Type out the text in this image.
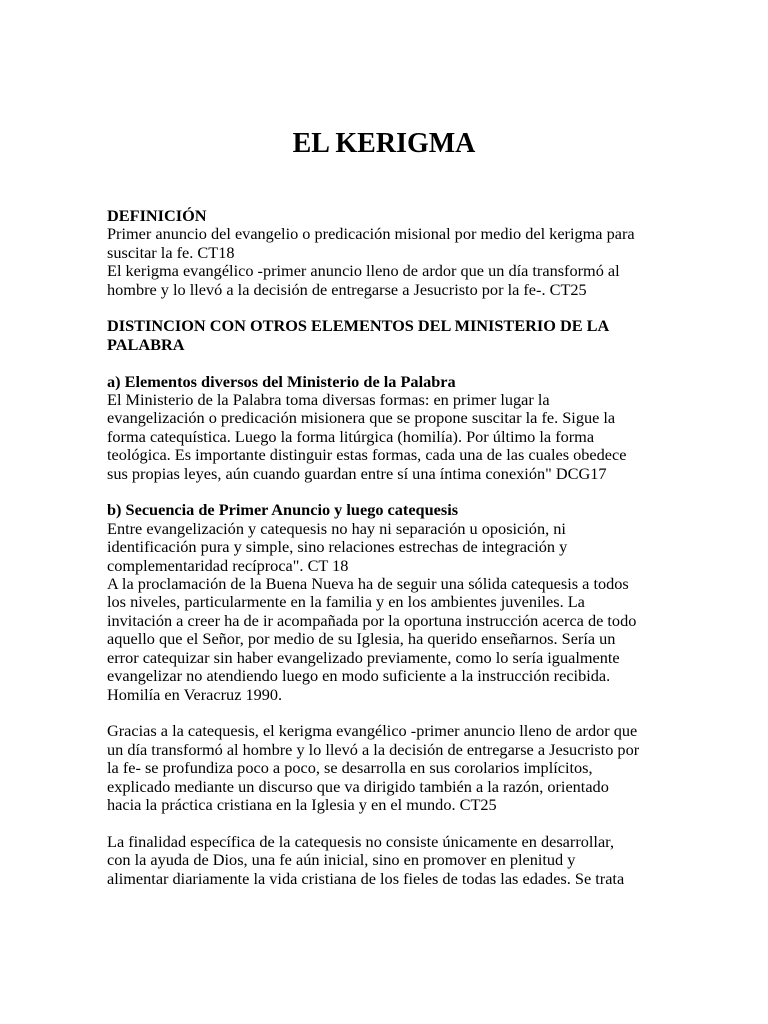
EL KERIGMA
DEFINICIÓN
Primer anuncio del evangelio o predicación misional por medio del kerigma para
suscitar la fe. CT18
El kerigma evangélico -primer anuncio lleno de ardor que un día transformó al
hombre y lo llevó a la decisión de entregarse a Jesucristo por la fe-. CT25
DISTINCION CON OTROS ELEMENTOS DEL MINISTERIO DE LA
PALABRA
a) Elementos diversos del Ministerio de la Palabra
El Ministerio de la Palabra toma diversas formas: en primer lugar la
evangelización o predicación misionera que se propone suscitar la fe. Sigue la
forma catequística. Luego la forma litúrgica (homilía). Por último la forma
teológica. Es importante distinguir estas formas, cada una de las cuales obedece
sus propias leyes, aún cuando guardan entre sí una íntima conexión" DCG17
b) Secuencia de Primer Anuncio y luego catequesis
Entre evangelización y catequesis no hay ni separación u oposición, ni
identificación pura y simple, sino relaciones estrechas de integración y
complementaridad recíproca". CT 18
A la proclamación de la Buena Nueva ha de seguir una sólida catequesis a todos
los niveles, particularmente en la familia y en los ambientes juveniles. La
invitación a creer ha de ir acompañada por la oportuna instrucción acerca de todo
aquello que el Señor, por medio de su Iglesia, ha querido enseñarnos. Sería un
error catequizar sin haber evangelizado previamente, como lo sería igualmente
evangelizar no atendiendo luego en modo suficiente a la instrucción recibida.
Homilía en Veracruz 1990.
Gracias a la catequesis, el kerigma evangélico -primer anuncio lleno de ardor que
un día transformó al hombre y lo llevó a la decisión de entregarse a Jesucristo por
la fe- se profundiza poco a poco, se desarrolla en sus corolarios implícitos,
explicado mediante un discurso que va dirigido también a la razón, orientado
hacia la práctica cristiana en la Iglesia y en el mundo. CT25
La finalidad específica de la catequesis no consiste únicamente en desarrollar,
con la ayuda de Dios, una fe aún inicial, sino en promover en plenitud y
alimentar diariamente la vida cristiana de los fieles de todas las edades. Se trata
